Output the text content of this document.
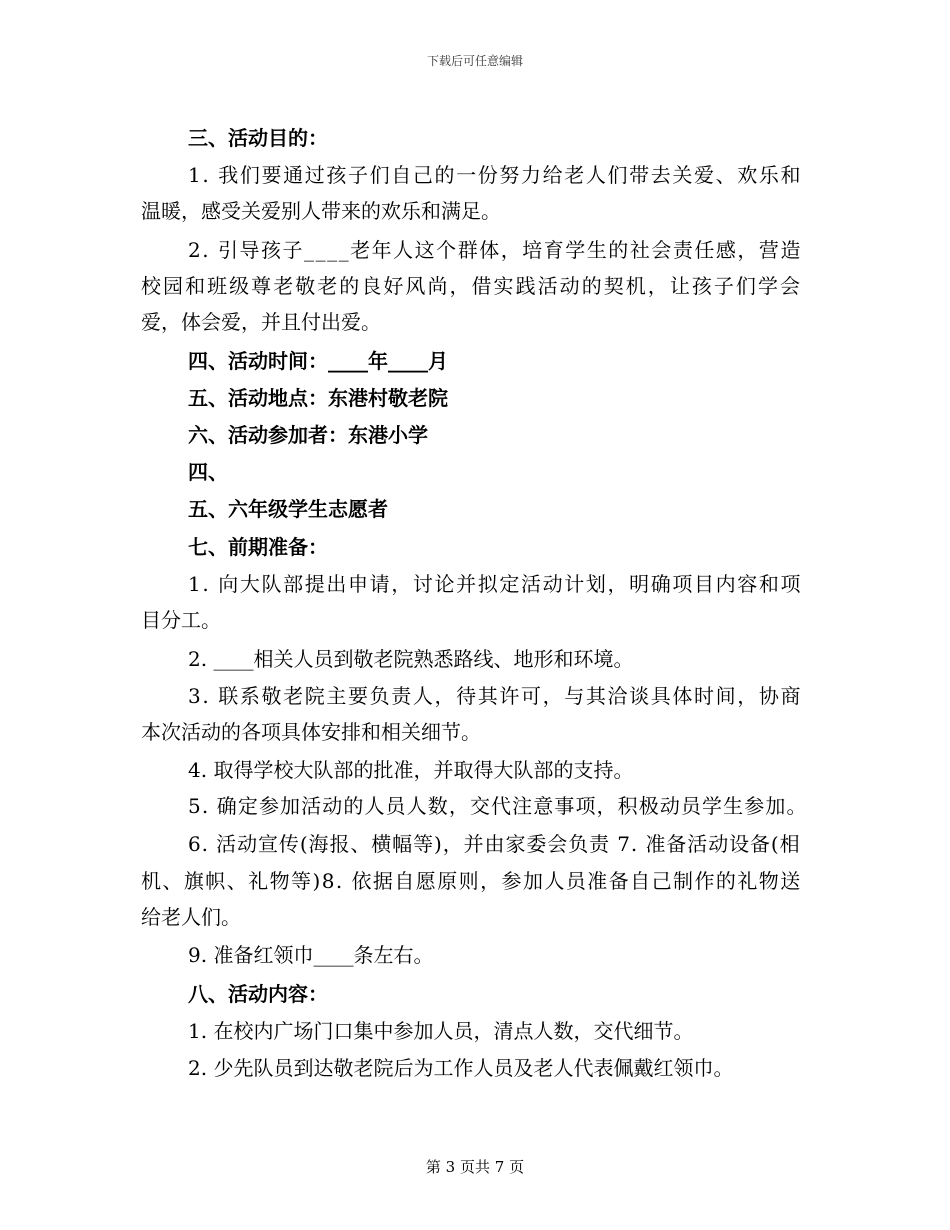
下载后可任意编辑
三、活动目的：
1. 我们要通过孩子们自己的一份努力给老人们带去关爱、欢乐和
温暖，感受关爱别人带来的欢乐和满足。
2. 引导孩子____老年人这个群体，培育学生的社会责任感，营造
校园和班级尊老敬老的良好风尚，借实践活动的契机，让孩子们学会
爱，体会爱，并且付出爱。
四、活动时间：____年____月
五、活动地点：东港村敬老院
六、活动参加者：东港小学
四、
五、六年级学生志愿者
七、前期准备：
1. 向大队部提出申请，讨论并拟定活动计划，明确项目内容和项
目分工。
2. ____相关人员到敬老院熟悉路线、地形和环境。
3. 联系敬老院主要负责人，待其许可，与其洽谈具体时间，协商
本次活动的各项具体安排和相关细节。
4. 取得学校大队部的批准，并取得大队部的支持。
5. 确定参加活动的人员人数，交代注意事项，积极动员学生参加。
6. 活动宣传(海报、横幅等)，并由家委会负责 7. 准备活动设备(相
机、旗帜、礼物等)8. 依据自愿原则，参加人员准备自己制作的礼物送
给老人们。
9. 准备红领巾____条左右。
八、活动内容：
1. 在校内广场门口集中参加人员，清点人数，交代细节。
2. 少先队员到达敬老院后为工作人员及老人代表佩戴红领巾。
第 3 页共 7 页
